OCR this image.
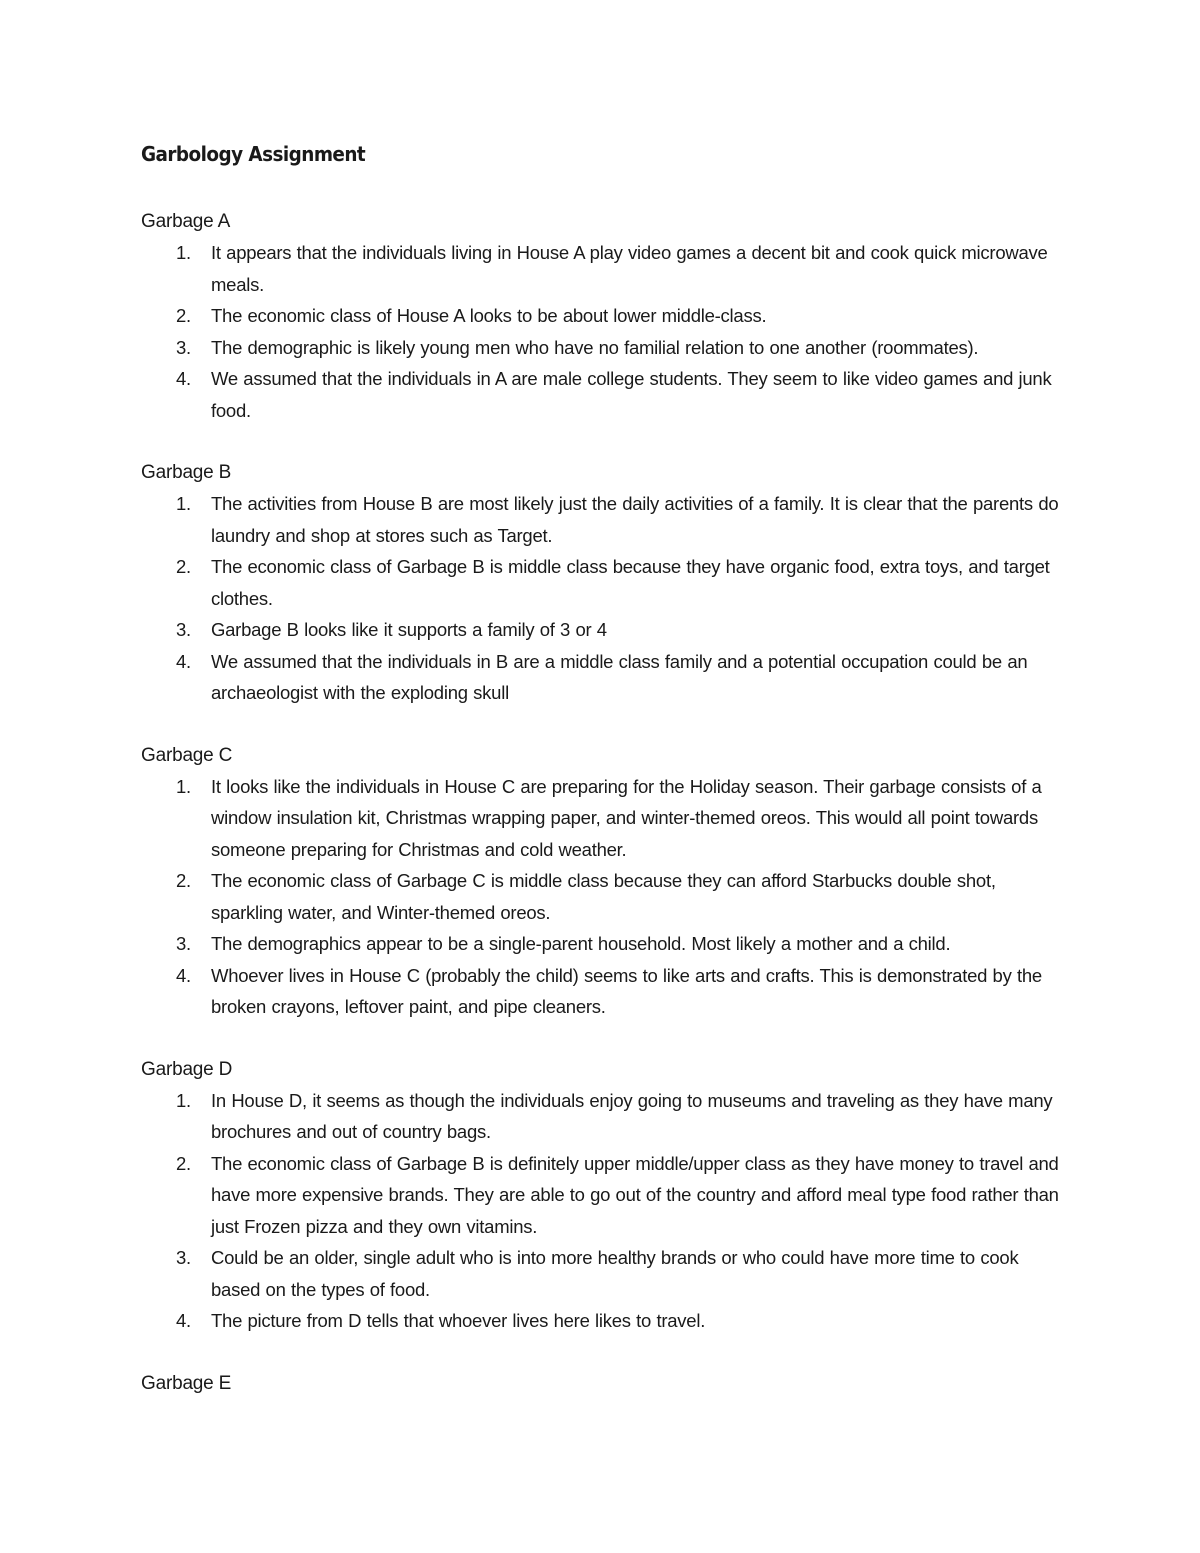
Garbology Assignment
Garbage A
1. It appears that the individuals living in House A play video games a decent bit and cook quick microwave meals.
2. The economic class of House A looks to be about lower middle-class.
3. The demographic is likely young men who have no familial relation to one another (roommates).
4. We assumed that the individuals in A are male college students. They seem to like video games and junk food.
Garbage B
1. The activities from House B are most likely just the daily activities of a family. It is clear that the parents do laundry and shop at stores such as Target.
2. The economic class of Garbage B is middle class because they have organic food, extra toys, and target clothes.
3. Garbage B looks like it supports a family of 3 or 4
4. We assumed that the individuals in B are a middle class family and a potential occupation could be an archaeologist with the exploding skull
Garbage C
1. It looks like the individuals in House C are preparing for the Holiday season. Their garbage consists of a window insulation kit, Christmas wrapping paper, and winter-themed oreos. This would all point towards someone preparing for Christmas and cold weather.
2. The economic class of Garbage C is middle class because they can afford Starbucks double shot, sparkling water, and Winter-themed oreos.
3. The demographics appear to be a single-parent household. Most likely a mother and a child.
4. Whoever lives in House C (probably the child) seems to like arts and crafts. This is demonstrated by the broken crayons, leftover paint, and pipe cleaners.
Garbage D
1. In House D, it seems as though the individuals enjoy going to museums and traveling as they have many brochures and out of country bags.
2. The economic class of Garbage B is definitely upper middle/upper class as they have money to travel and have more expensive brands. They are able to go out of the country and afford meal type food rather than just Frozen pizza and they own vitamins.
3. Could be an older, single adult who is into more healthy brands or who could have more time to cook based on the types of food.
4. The picture from D tells that whoever lives here likes to travel.
Garbage E
